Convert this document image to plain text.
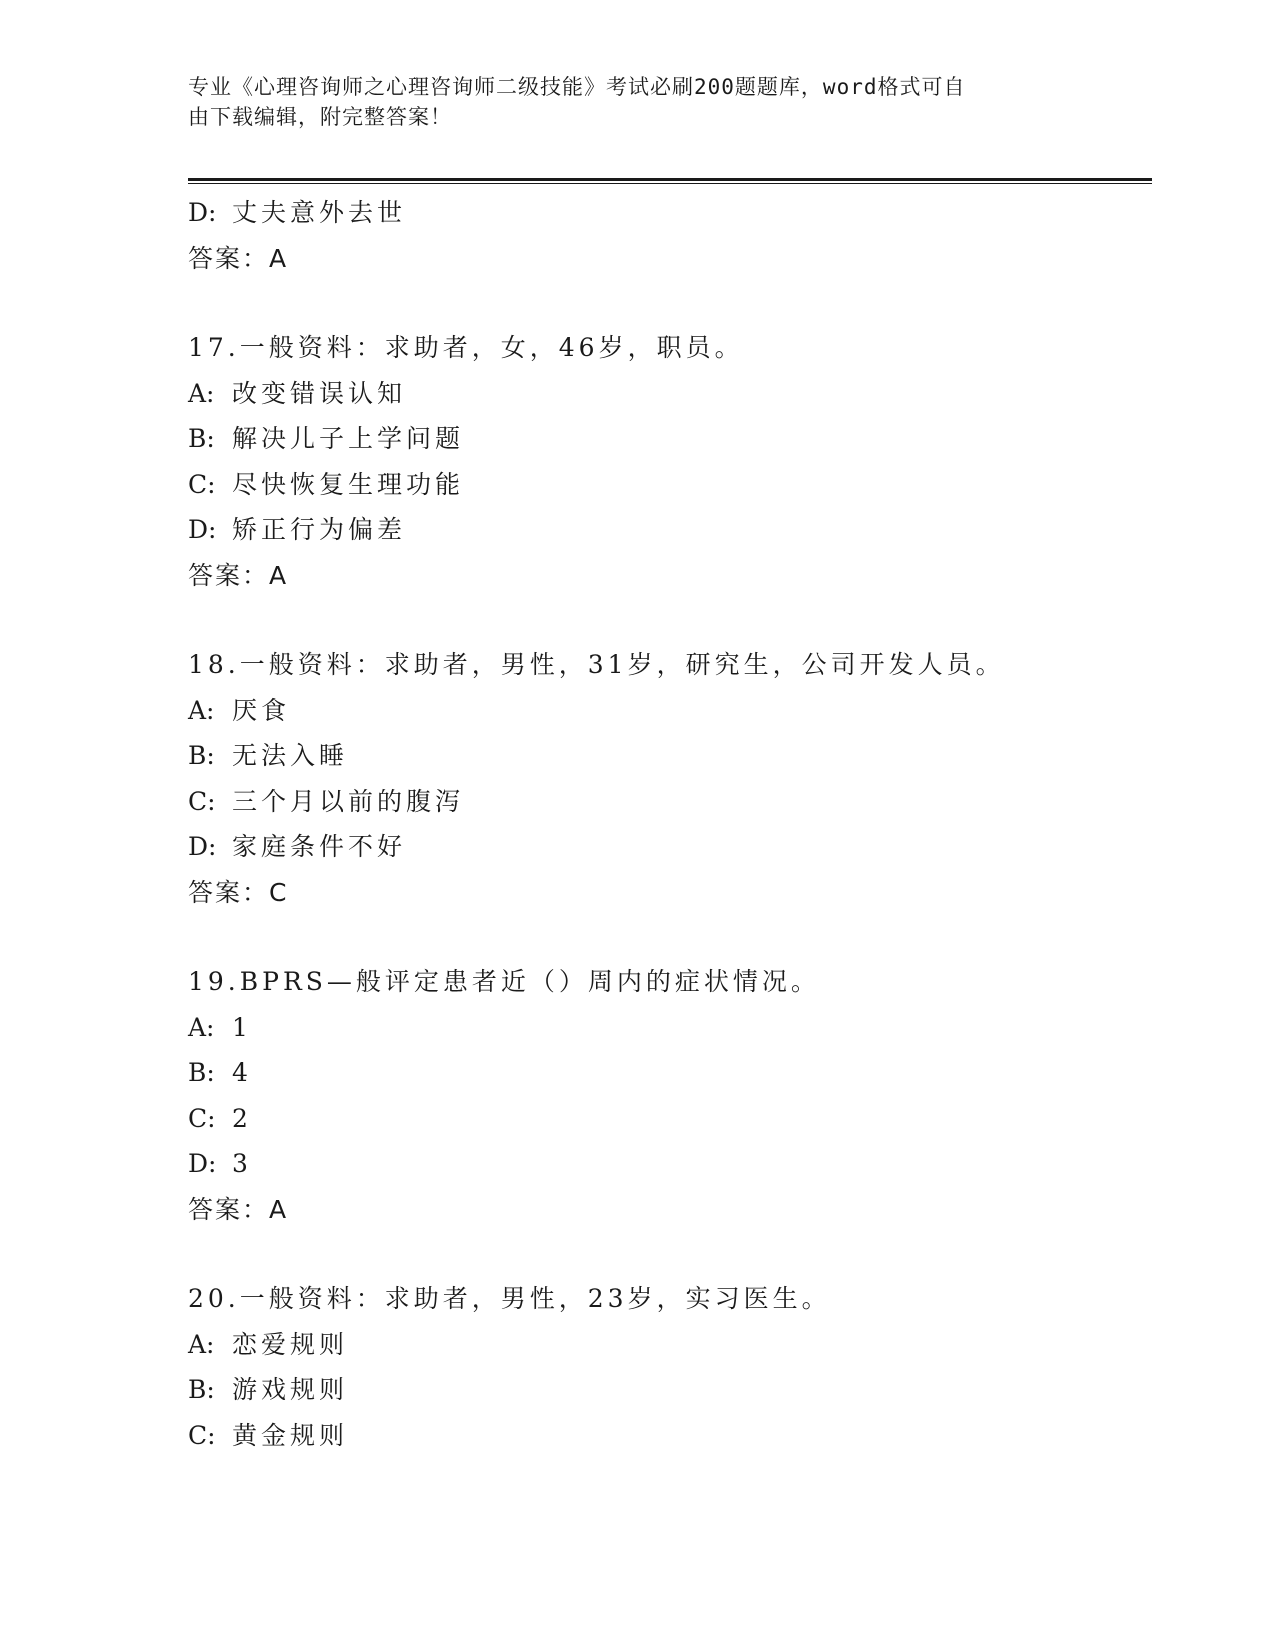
专业《心理咨询师之心理咨询师二级技能》考试必刷200题题库，word格式可自
由下载编辑，附完整答案！
D: 丈夫意外去世
答案：A
17.一般资料：求助者，女，46岁，职员。
A: 改变错误认知
B: 解决儿子上学问题
C: 尽快恢复生理功能
D: 矫正行为偏差
答案：A
18.一般资料：求助者，男性，31岁，研究生，公司开发人员。
A: 厌食
B: 无法入睡
C: 三个月以前的腹泻
D: 家庭条件不好
答案：C
19.BPRS—般评定患者近（）周内的症状情况。
A: 1
B: 4
C: 2
D: 3
答案：A
20.一般资料：求助者，男性，23岁，实习医生。
A: 恋爱规则
B: 游戏规则
C: 黄金规则
